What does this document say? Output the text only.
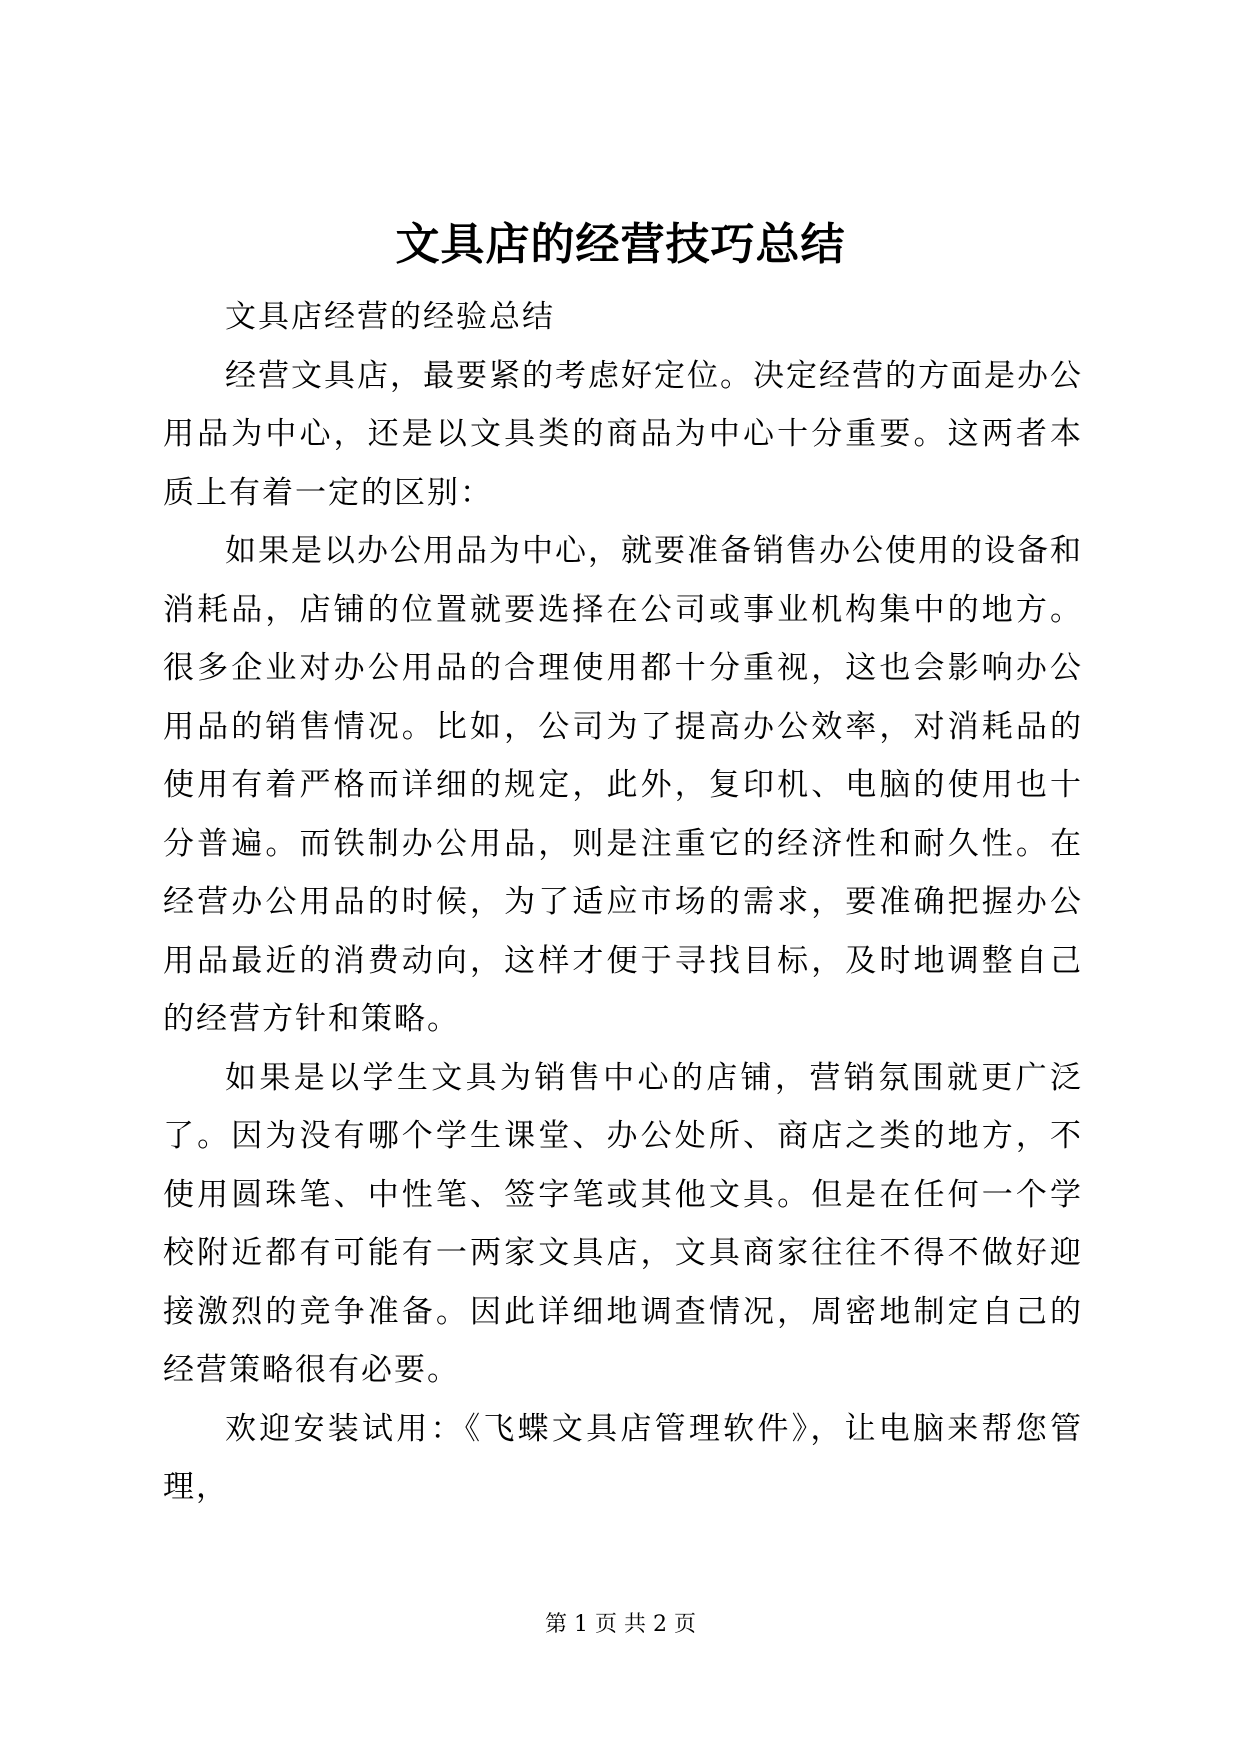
文具店的经营技巧总结

文具店经营的经验总结

经营文具店，最要紧的考虑好定位。决定经营的方面是办公用品为中心，还是以文具类的商品为中心十分重要。这两者本质上有着一定的区别：

如果是以办公用品为中心，就要准备销售办公使用的设备和消耗品，店铺的位置就要选择在公司或事业机构集中的地方。很多企业对办公用品的合理使用都十分重视，这也会影响办公用品的销售情况。比如，公司为了提高办公效率，对消耗品的使用有着严格而详细的规定，此外，复印机、电脑的使用也十分普遍。而铁制办公用品，则是注重它的经济性和耐久性。在经营办公用品的时候，为了适应市场的需求，要准确把握办公用品最近的消费动向，这样才便于寻找目标，及时地调整自己的经营方针和策略。

如果是以学生文具为销售中心的店铺，营销氛围就更广泛了。因为没有哪个学生课堂、办公处所、商店之类的地方，不使用圆珠笔、中性笔、签字笔或其他文具。但是在任何一个学校附近都有可能有一两家文具店，文具商家往往不得不做好迎接激烈的竞争准备。因此详细地调查情况，周密地制定自己的经营策略很有必要。

欢迎安装试用：《飞蝶文具店管理软件》，让电脑来帮您管理，

第 1 页 共 2 页
